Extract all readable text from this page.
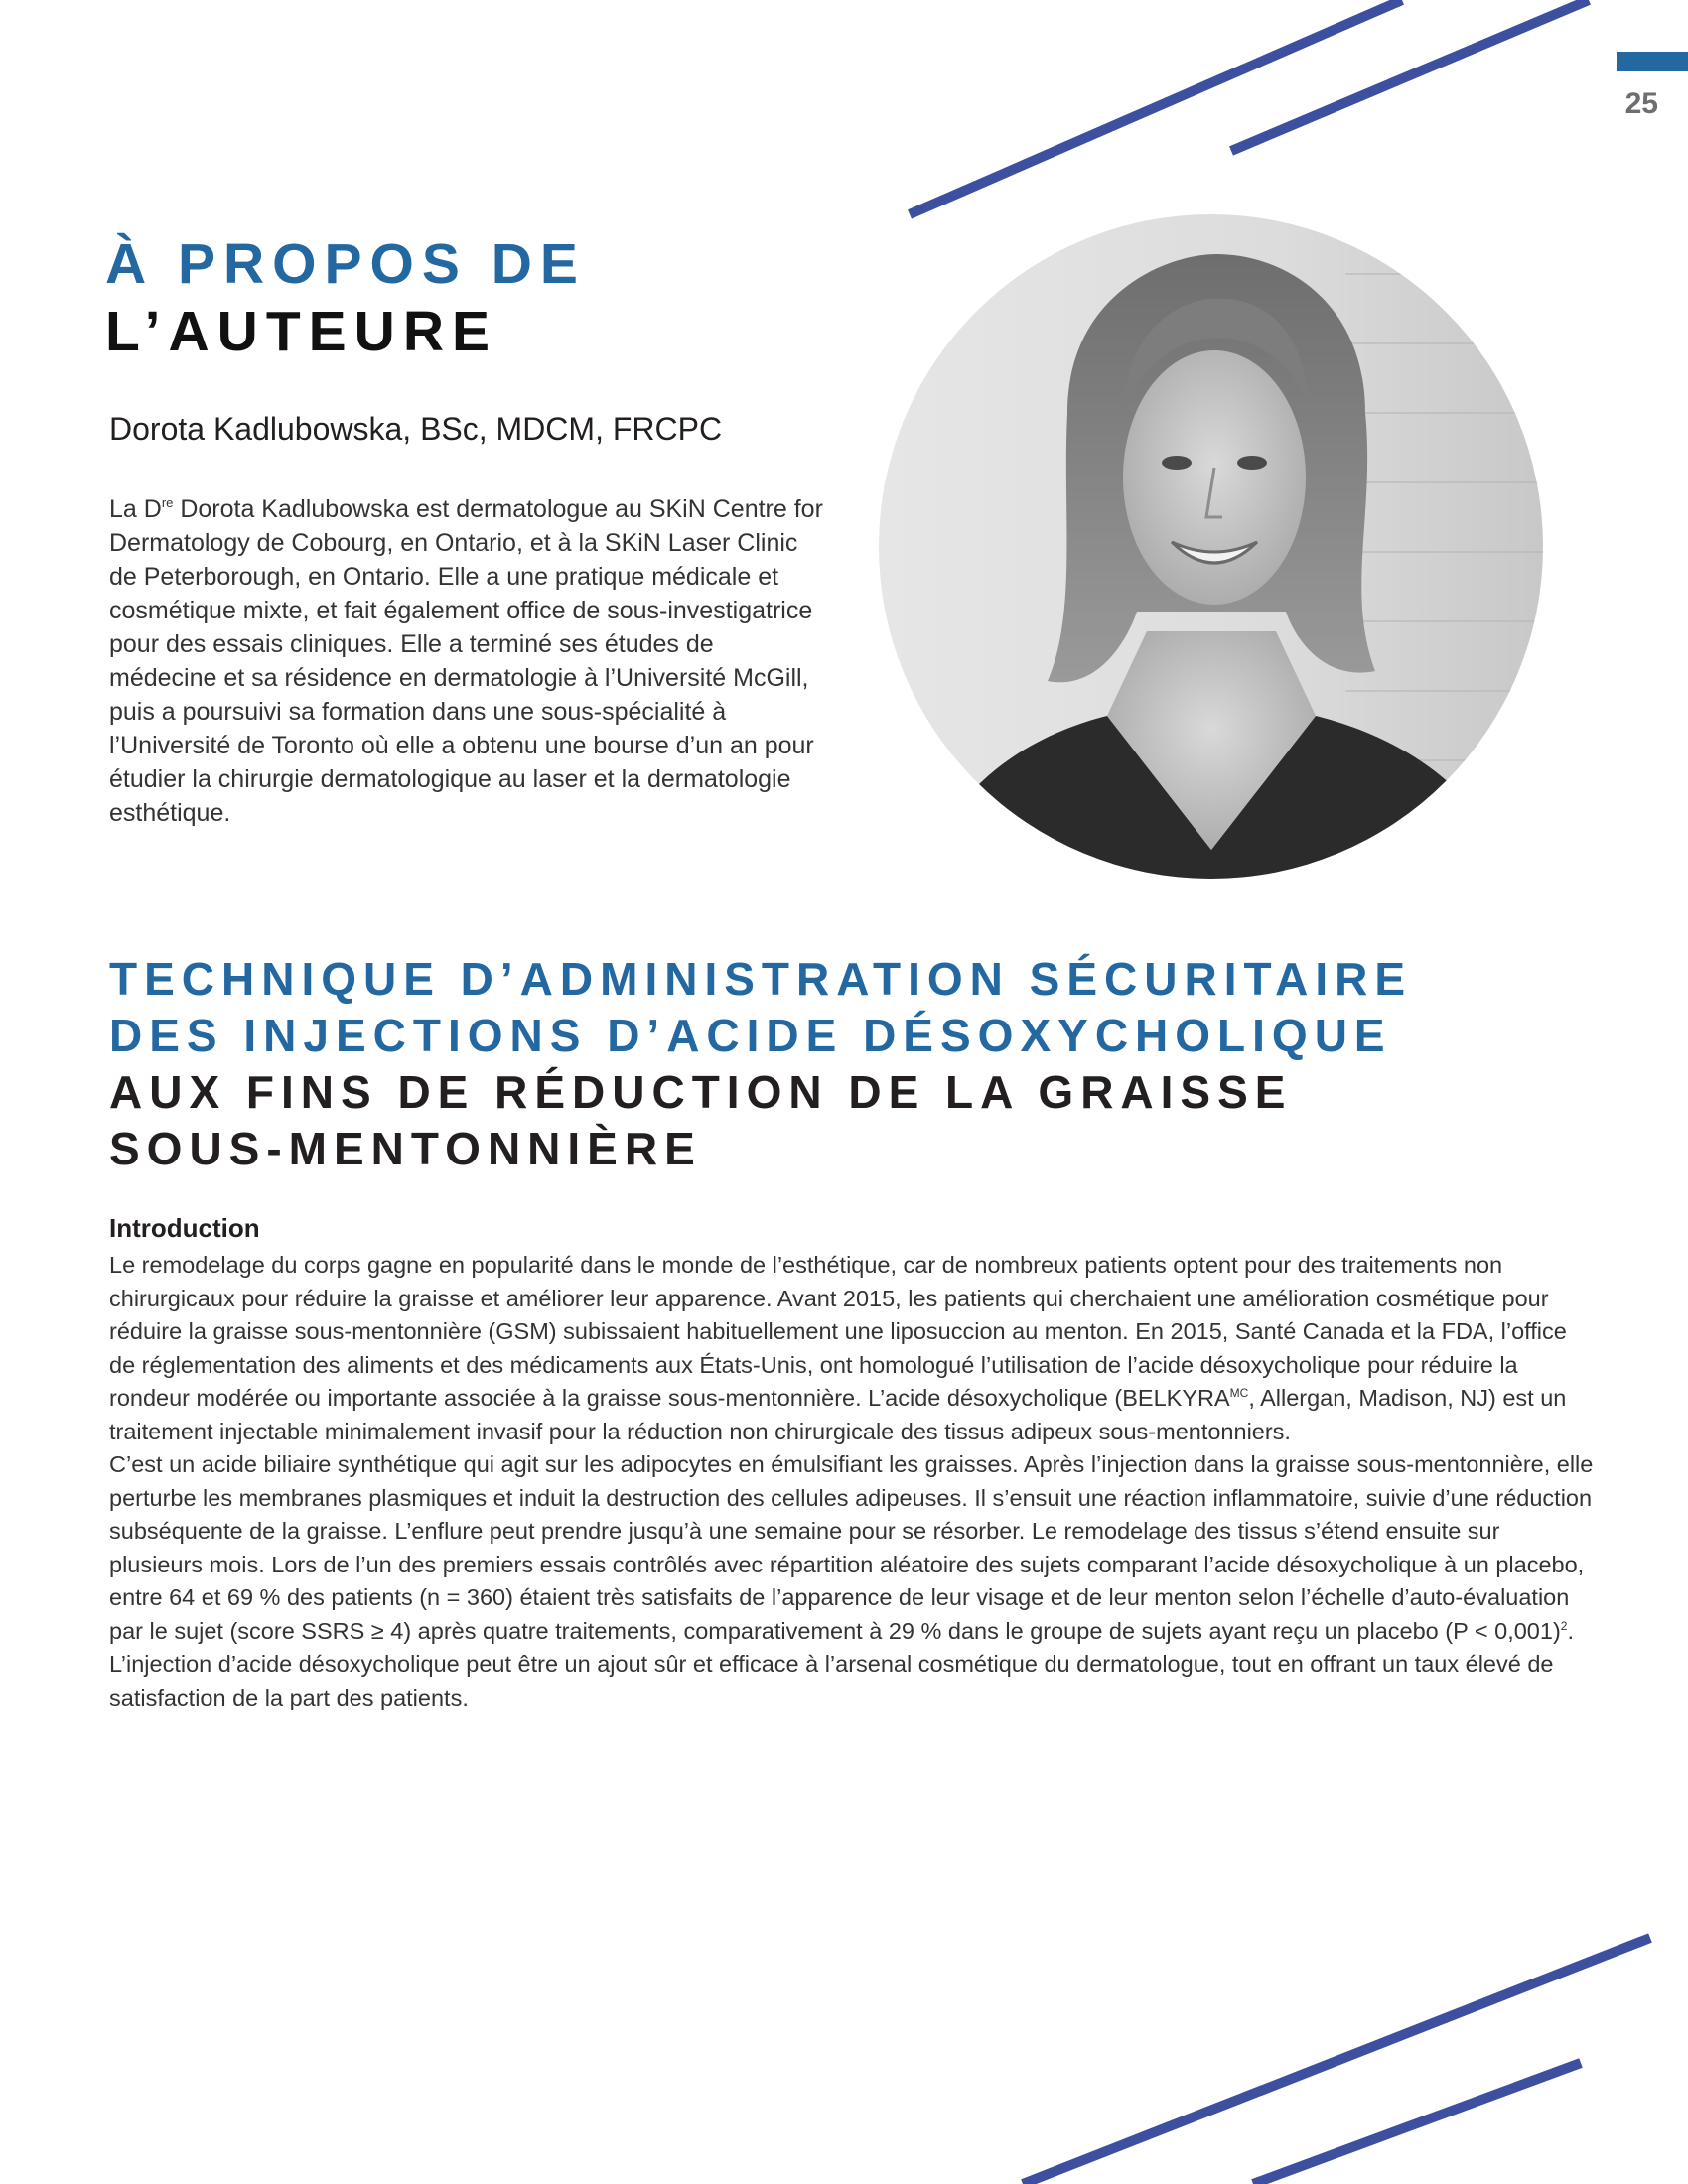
25
À PROPOS DE
L’AUTEURE

Dorota Kadlubowska, BSc, MDCM, FRCPC

La Dre Dorota Kadlubowska est dermatologue au SKiN Centre for Dermatology de Cobourg, en Ontario, et à la SKiN Laser Clinic de Peterborough, en Ontario. Elle a une pratique médicale et cosmétique mixte, et fait également office de sous-investigatrice pour des essais cliniques. Elle a terminé ses études de médecine et sa résidence en dermatologie à l’Université McGill, puis a poursuivi sa formation dans une sous-spécialité à l’Université de Toronto où elle a obtenu une bourse d’un an pour étudier la chirurgie dermatologique au laser et la dermatologie esthétique.

TECHNIQUE D’ADMINISTRATION SÉCURITAIRE
DES INJECTIONS D’ACIDE DÉSOXYCHOLIQUE
AUX FINS DE RÉDUCTION DE LA GRAISSE
SOUS-MENTONNIÈRE
Introduction

Le remodelage du corps gagne en popularité dans le monde de l’esthétique, car de nombreux patients optent pour des traitements non chirurgicaux pour réduire la graisse et améliorer leur apparence. Avant 2015, les patients qui cherchaient une amélioration cosmétique pour réduire la graisse sous-mentonnière (GSM) subissaient habituellement une liposuccion au menton. En 2015, Santé Canada et la FDA, l’office de réglementation des aliments et des médicaments aux États-Unis, ont homologué l’utilisation de l’acide désoxycholique pour réduire la rondeur modérée ou importante associée à la graisse sous-mentonnière. L’acide désoxycholique ($BELKYRA^{MC}$, Allergan, Madison, NJ) est un traitement injectable minimalement invasif pour la réduction non chirurgicale des tissus adipeux sous-mentonniers.

C’est un acide biliaire synthétique qui agit sur les adipocytes en émulsifiant les graisses. Après l’injection dans la graisse sous-mentonnière, elle perturbe les membranes plasmiques et induit la destruction des cellules adipeuses. Il s’ensuit une réaction inflammatoire, suivie d’une réduction subséquente de la graisse. L’enflure peut prendre jusqu’à une semaine pour se résorber. Le remodelage des tissus s’étend ensuite sur plusieurs mois. Lors de l’un des premiers essais contrôlés avec répartition aléatoire des sujets comparant l’acide désoxycholique à un placebo, entre 64 et 69 % des patients (n = 360) étaient très satisfaits de l’apparence de leur visage et de leur menton selon l’échelle d’auto-évaluation par le sujet (score SSRS ≥ 4) après quatre traitements, comparativement à 29 % dans le groupe de sujets ayant reçu un placebo (P < 0,001)$^2$. L’injection d’acide désoxycholique peut être un ajout sûr et efficace à l’arsenal cosmétique du dermatologue, tout en offrant un taux élevé de satisfaction de la part des patients.
